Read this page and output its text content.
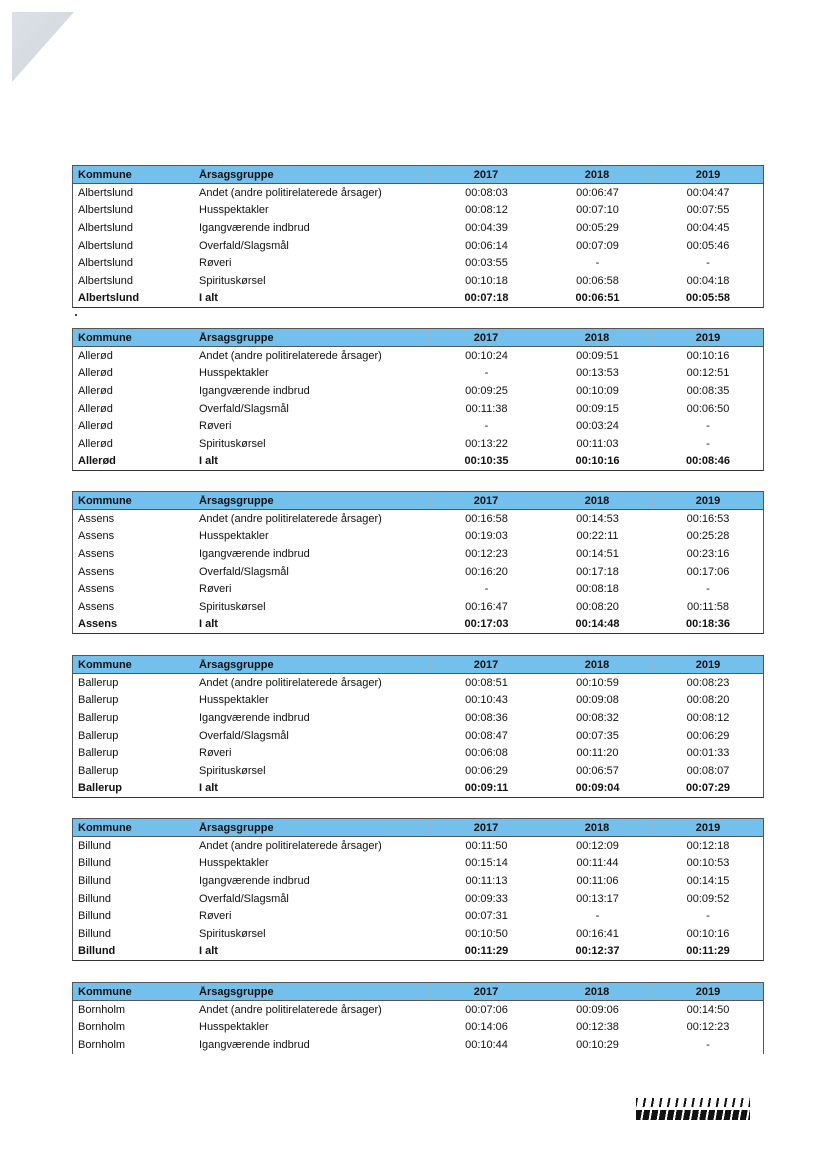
Kommune	Årsagsgruppe	2017	2018	2019
Albertslund	Andet (andre politirelaterede årsager)	00:08:03	00:06:47	00:04:47
Albertslund	Husspektakler	00:08:12	00:07:10	00:07:55
Albertslund	Igangværende indbrud	00:04:39	00:05:29	00:04:45
Albertslund	Overfald/Slagsmål	00:06:14	00:07:09	00:05:46
Albertslund	Røveri	00:03:55	-	-
Albertslund	Spirituskørsel	00:10:18	00:06:58	00:04:18
Albertslund	I alt	00:07:18	00:06:51	00:05:58
Kommune	Årsagsgruppe	2017	2018	2019
Allerød	Andet (andre politirelaterede årsager)	00:10:24	00:09:51	00:10:16
Allerød	Husspektakler	-	00:13:53	00:12:51
Allerød	Igangværende indbrud	00:09:25	00:10:09	00:08:35
Allerød	Overfald/Slagsmål	00:11:38	00:09:15	00:06:50
Allerød	Røveri	-	00:03:24	-
Allerød	Spirituskørsel	00:13:22	00:11:03	-
Allerød	I alt	00:10:35	00:10:16	00:08:46
Kommune	Årsagsgruppe	2017	2018	2019
Assens	Andet (andre politirelaterede årsager)	00:16:58	00:14:53	00:16:53
Assens	Husspektakler	00:19:03	00:22:11	00:25:28
Assens	Igangværende indbrud	00:12:23	00:14:51	00:23:16
Assens	Overfald/Slagsmål	00:16:20	00:17:18	00:17:06
Assens	Røveri	-	00:08:18	-
Assens	Spirituskørsel	00:16:47	00:08:20	00:11:58
Assens	I alt	00:17:03	00:14:48	00:18:36
Kommune	Årsagsgruppe	2017	2018	2019
Ballerup	Andet (andre politirelaterede årsager)	00:08:51	00:10:59	00:08:23
Ballerup	Husspektakler	00:10:43	00:09:08	00:08:20
Ballerup	Igangværende indbrud	00:08:36	00:08:32	00:08:12
Ballerup	Overfald/Slagsmål	00:08:47	00:07:35	00:06:29
Ballerup	Røveri	00:06:08	00:11:20	00:01:33
Ballerup	Spirituskørsel	00:06:29	00:06:57	00:08:07
Ballerup	I alt	00:09:11	00:09:04	00:07:29
Kommune	Årsagsgruppe	2017	2018	2019
Billund	Andet (andre politirelaterede årsager)	00:11:50	00:12:09	00:12:18
Billund	Husspektakler	00:15:14	00:11:44	00:10:53
Billund	Igangværende indbrud	00:11:13	00:11:06	00:14:15
Billund	Overfald/Slagsmål	00:09:33	00:13:17	00:09:52
Billund	Røveri	00:07:31	-	-
Billund	Spirituskørsel	00:10:50	00:16:41	00:10:16
Billund	I alt	00:11:29	00:12:37	00:11:29
Kommune	Årsagsgruppe	2017	2018	2019
Bornholm	Andet (andre politirelaterede årsager)	00:07:06	00:09:06	00:14:50
Bornholm	Husspektakler	00:14:06	00:12:38	00:12:23
Bornholm	Igangværende indbrud	00:10:44	00:10:29	-
